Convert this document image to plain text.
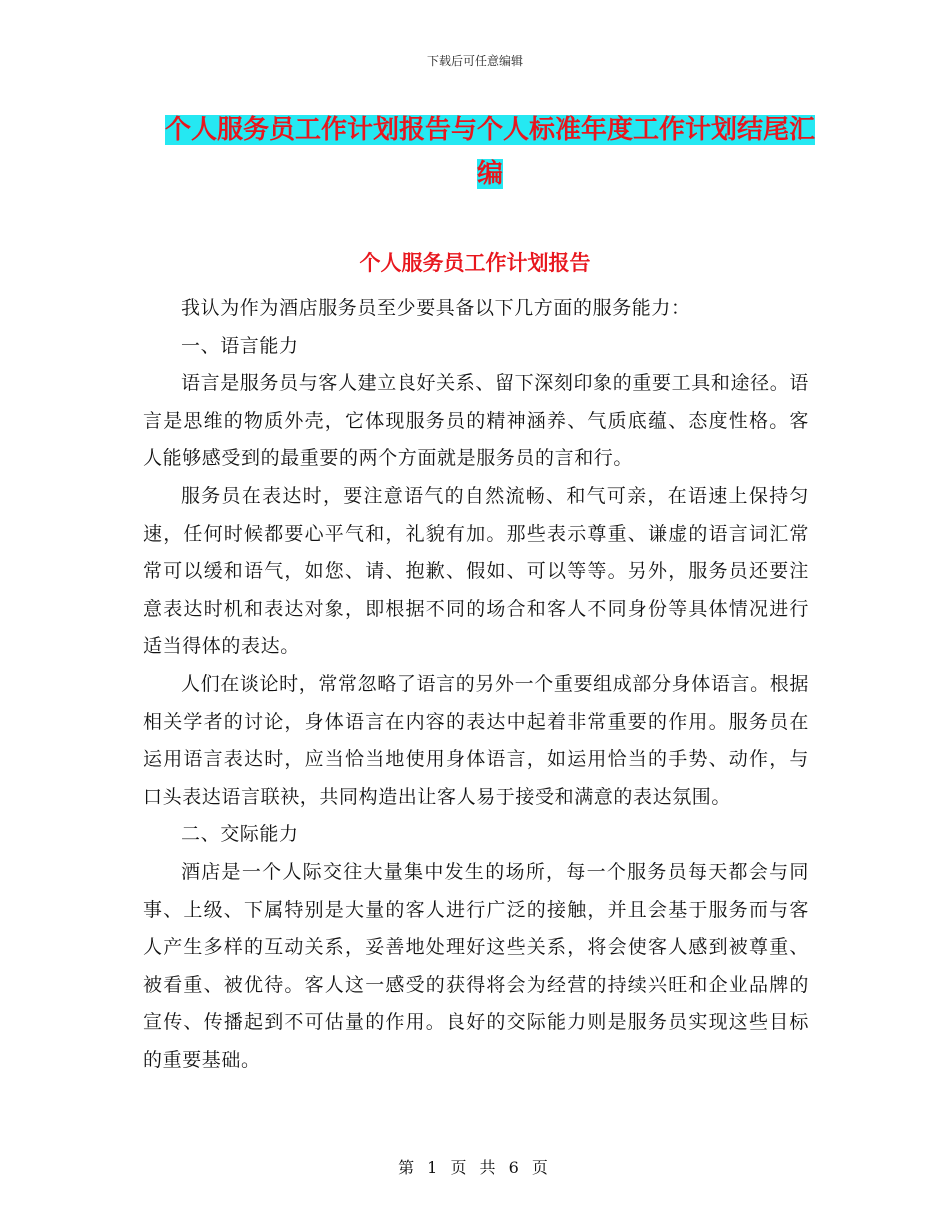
下载后可任意编辑
个人服务员工作计划报告与个人标准年度工作计划结尾汇编
个人服务员工作计划报告

我认为作为酒店服务员至少要具备以下几方面的服务能力：

一、语言能力

语言是服务员与客人建立良好关系、留下深刻印象的重要工具和途径。语言是思维的物质外壳，它体现服务员的精神涵养、气质底蕴、态度性格。客人能够感受到的最重要的两个方面就是服务员的言和行。

服务员在表达时，要注意语气的自然流畅、和气可亲，在语速上保持匀速，任何时候都要心平气和，礼貌有加。那些表示尊重、谦虚的语言词汇常常可以缓和语气，如您、请、抱歉、假如、可以等等。另外，服务员还要注意表达时机和表达对象，即根据不同的场合和客人不同身份等具体情况进行适当得体的表达。

人们在谈论时，常常忽略了语言的另外一个重要组成部分身体语言。根据相关学者的讨论，身体语言在内容的表达中起着非常重要的作用。服务员在运用语言表达时，应当恰当地使用身体语言，如运用恰当的手势、动作，与口头表达语言联袂，共同构造出让客人易于接受和满意的表达氛围。

二、交际能力

酒店是一个人际交往大量集中发生的场所，每一个服务员每天都会与同事、上级、下属特别是大量的客人进行广泛的接触，并且会基于服务而与客人产生多样的互动关系，妥善地处理好这些关系，将会使客人感到被尊重、被看重、被优待。客人这一感受的获得将会为经营的持续兴旺和企业品牌的宣传、传播起到不可估量的作用。良好的交际能力则是服务员实现这些目标的重要基础。

第 1 页 共 6 页
